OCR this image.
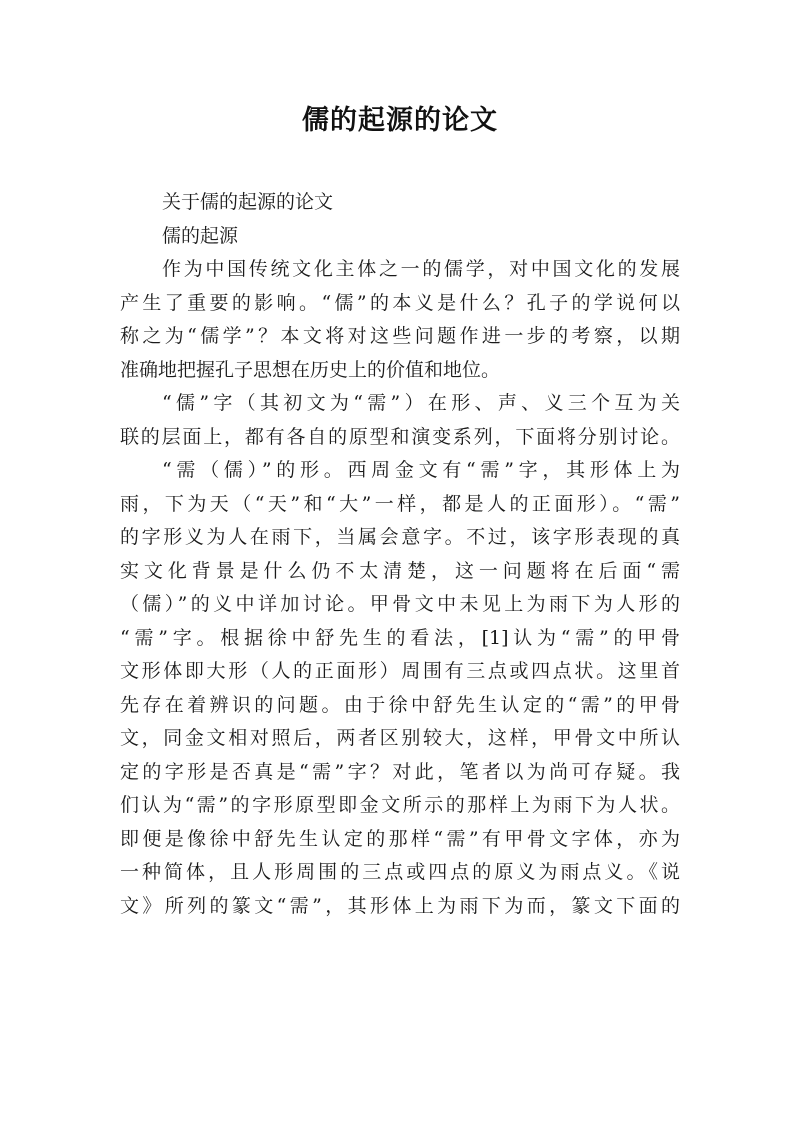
儒的起源的论文
关于儒的起源的论文
儒的起源
作为中国传统文化主体之一的儒学，对中国文化的发展
产生了重要的影响。“儒”的本义是什么？孔子的学说何以
称之为“儒学”？本文将对这些问题作进一步的考察，以期
准确地把握孔子思想在历史上的价值和地位。
“儒”字（其初文为“需”）在形、声、义三个互为关
联的层面上，都有各自的原型和演变系列，下面将分别讨论。
“需（儒）”的形。西周金文有“需”字，其形体上为
雨，下为天（“天”和“大”一样，都是人的正面形）。“需”
的字形义为人在雨下，当属会意字。不过，该字形表现的真
实文化背景是什么仍不太清楚，这一问题将在后面“需
（儒）”的义中详加讨论。甲骨文中未见上为雨下为人形的
“需”字。根据徐中舒先生的看法，[1]认为“需”的甲骨
文形体即大形（人的正面形）周围有三点或四点状。这里首
先存在着辨识的问题。由于徐中舒先生认定的“需”的甲骨
文，同金文相对照后，两者区别较大，这样，甲骨文中所认
定的字形是否真是“需”字？对此，笔者以为尚可存疑。我
们认为“需”的字形原型即金文所示的那样上为雨下为人状。
即便是像徐中舒先生认定的那样“需”有甲骨文字体，亦为
一种简体，且人形周围的三点或四点的原义为雨点义。《说
文》所列的篆文“需”，其形体上为雨下为而，篆文下面的
